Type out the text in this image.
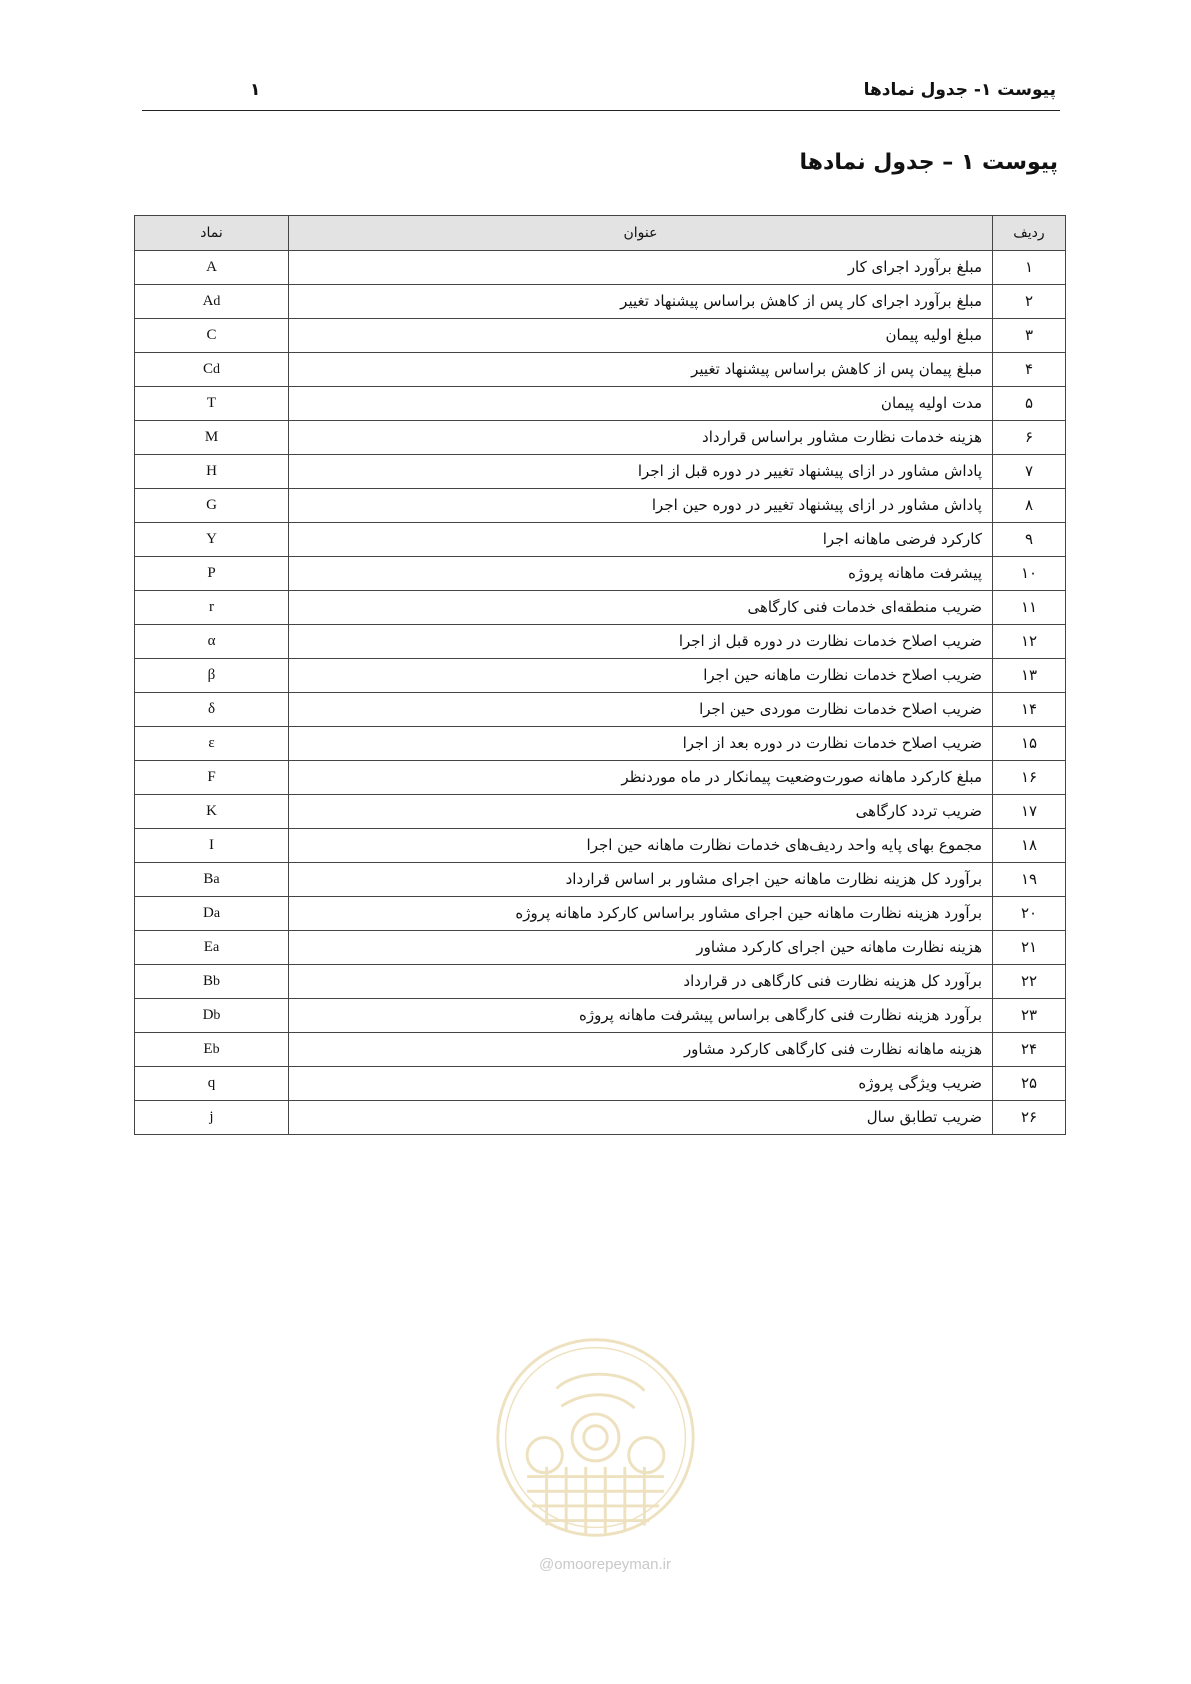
پیوست ۱- جدول نمادها
۱
پیوست ۱ – جدول نمادها
ردیف	عنوان	نماد
۱	مبلغ برآورد اجرای کار	A
۲	مبلغ برآورد اجرای کار پس از کاهش براساس پیشنهاد تغییر	Ad
۳	مبلغ اولیه پیمان	C
۴	مبلغ پیمان پس از کاهش براساس پیشنهاد تغییر	Cd
۵	مدت اولیه پیمان	T
۶	هزینه خدمات نظارت مشاور براساس قرارداد	M
۷	پاداش مشاور در ازای پیشنهاد تغییر در دوره قبل از اجرا	H
۸	پاداش مشاور در ازای پیشنهاد تغییر در دوره حین اجرا	G
۹	کارکرد فرضی ماهانه اجرا	Y
۱۰	پیشرفت ماهانه پروژه	P
۱۱	ضریب منطقه‌ای خدمات فنی کارگاهی	r
۱۲	ضریب اصلاح خدمات نظارت در دوره قبل از اجرا	α
۱۳	ضریب اصلاح خدمات نظارت ماهانه حین اجرا	β
۱۴	ضریب اصلاح خدمات نظارت موردی حین اجرا	δ
۱۵	ضریب اصلاح خدمات نظارت در دوره بعد از اجرا	ε
۱۶	مبلغ کارکرد ماهانه صورت‌وضعیت پیمانکار در ماه موردنظر	F
۱۷	ضریب تردد کارگاهی	K
۱۸	مجموع بهای پایه واحد ردیف‌های خدمات نظارت ماهانه حین اجرا	I
۱۹	برآورد کل هزینه نظارت ماهانه حین اجرای مشاور بر اساس قرارداد	Ba
۲۰	برآورد هزینه نظارت ماهانه حین اجرای مشاور براساس کارکرد ماهانه پروژه	Da
۲۱	هزینه نظارت ماهانه حین اجرای کارکرد مشاور	Ea
۲۲	برآورد کل هزینه نظارت فنی کارگاهی در قرارداد	Bb
۲۳	برآورد هزینه نظارت فنی کارگاهی براساس پیشرفت ماهانه پروژه	Db
۲۴	هزینه ماهانه نظارت فنی کارگاهی کارکرد مشاور	Eb
۲۵	ضریب ویژگی پروژه	q
۲۶	ضریب تطابق سال	j
@omoorepeyman.ir
